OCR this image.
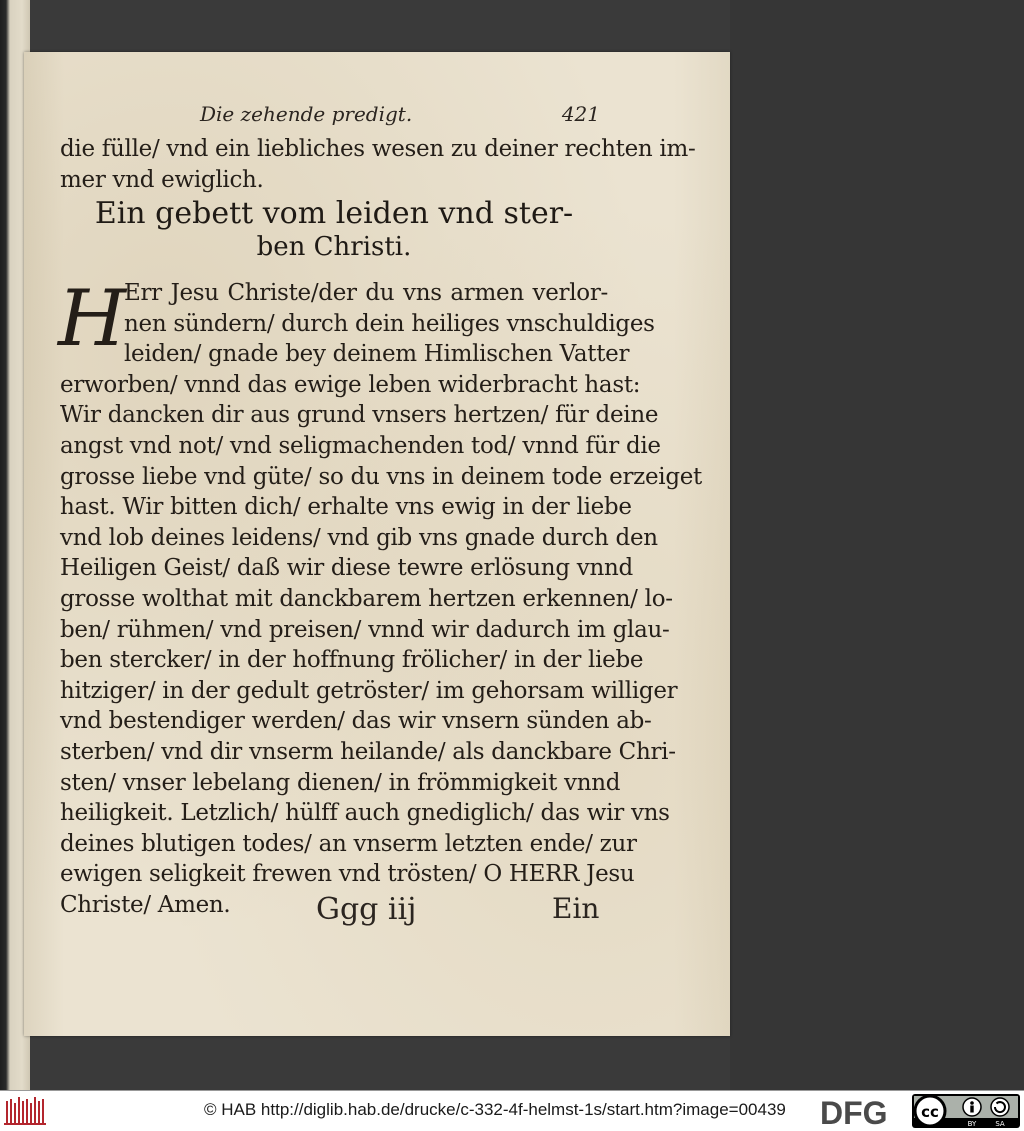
Die zehende predigt.	421
die fülle/ vnd ein liebliches wesen zu deiner rechten im-
mer vnd ewiglich.
Ein gebett vom leiden vnd ster-
ben Christi.
H
Err Jesu Christe/der du vns armen verlor-
nen sündern/ durch dein heiliges vnschuldiges
leiden/ gnade bey deinem Himlischen Vatter
erworben/ vnnd das ewige leben widerbracht hast:
Wir dancken dir aus grund vnsers hertzen/ für deine
angst vnd not/ vnd seligmachenden tod/ vnnd für die
grosse liebe vnd güte/ so du vns in deinem tode erzeiget
hast. Wir bitten dich/ erhalte vns ewig in der liebe
vnd lob deines leidens/ vnd gib vns gnade durch den
Heiligen Geist/ daß wir diese tewre erlösung vnnd
grosse wolthat mit danckbarem hertzen erkennen/ lo-
ben/ rühmen/ vnd preisen/ vnnd wir dadurch im glau-
ben stercker/ in der hoffnung frölicher/ in der liebe
hitziger/ in der gedult getröster/ im gehorsam williger
vnd bestendiger werden/ das wir vnsern sünden ab-
sterben/ vnd dir vnserm heilande/ als danckbare Chri-
sten/ vnser lebelang dienen/ in frömmigkeit vnnd
heiligkeit. Letzlich/ hülff auch gnediglich/ das wir vns
deines blutigen todes/ an vnserm letzten ende/ zur
ewigen seligkeit frewen vnd trösten/ O HERR Jesu
Christe/ Amen.	Ggg iij	Ein
© HAB http://diglib.hab.de/drucke/c-332-4f-helmst-1s/start.htm?image=00439 DFG cc
BY	SA
